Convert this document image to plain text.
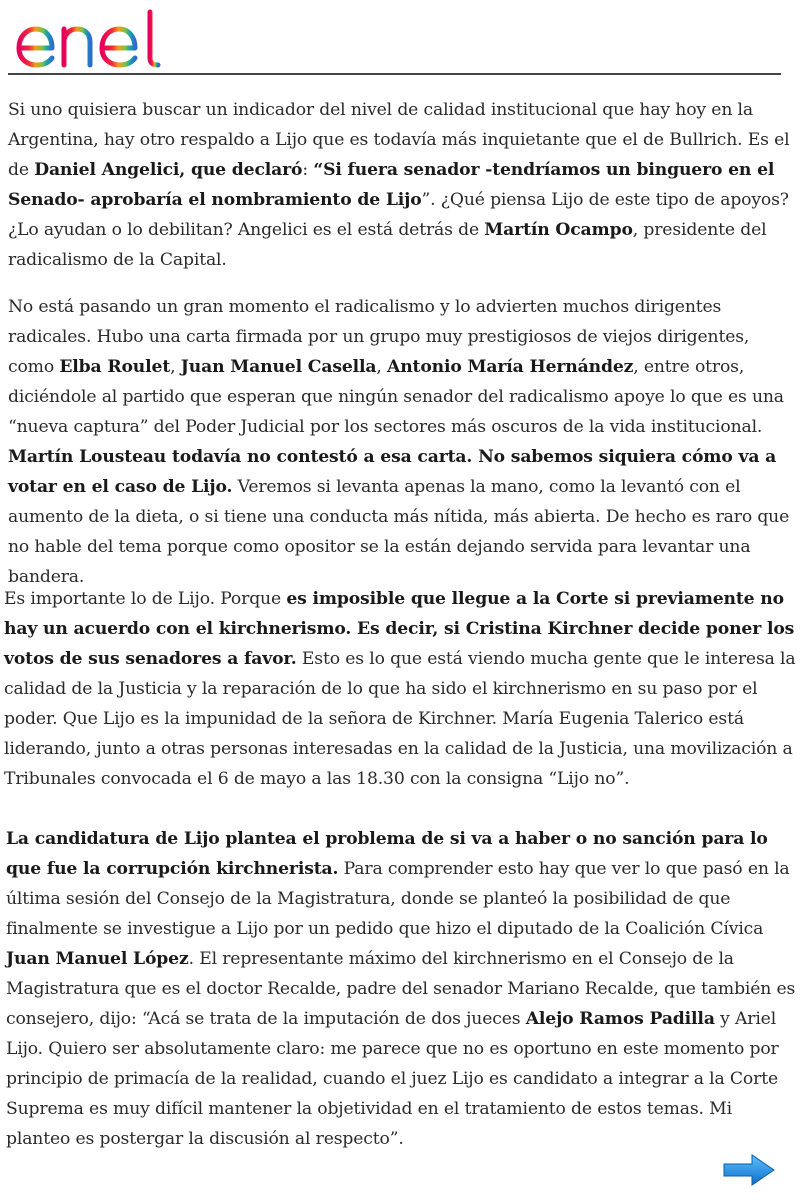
Si uno quisiera buscar un indicador del nivel de calidad institucional que hay hoy en la Argentina, hay otro respaldo a Lijo que es todavía más inquietante que el de Bullrich. Es el de Daniel Angelici, que declaró: “Si fuera senador -tendríamos un binguero en el Senado- aprobaría el nombramiento de Lijo”. ¿Qué piensa Lijo de este tipo de apoyos? ¿Lo ayudan o lo debilitan? Angelici es el está detrás de Martín Ocampo, presidente del radicalismo de la Capital.

No está pasando un gran momento el radicalismo y lo advierten muchos dirigentes radicales. Hubo una carta firmada por un grupo muy prestigiosos de viejos dirigentes, como Elba Roulet, Juan Manuel Casella, Antonio María Hernández, entre otros, diciéndole al partido que esperan que ningún senador del radicalismo apoye lo que es una “nueva captura” del Poder Judicial por los sectores más oscuros de la vida institucional. Martín Lousteau todavía no contestó a esa carta. No sabemos siquiera cómo va a votar en el caso de Lijo. Veremos si levanta apenas la mano, como la levantó con el aumento de la dieta, o si tiene una conducta más nítida, más abierta. De hecho es raro que no hable del tema porque como opositor se la están dejando servida para levantar una bandera.

Es importante lo de Lijo. Porque es imposible que llegue a la Corte si previamente no hay un acuerdo con el kirchnerismo. Es decir, si Cristina Kirchner decide poner los votos de sus senadores a favor. Esto es lo que está viendo mucha gente que le interesa la calidad de la Justicia y la reparación de lo que ha sido el kirchnerismo en su paso por el poder. Que Lijo es la impunidad de la señora de Kirchner. María Eugenia Talerico está liderando, junto a otras personas interesadas en la calidad de la Justicia, una movilización a Tribunales convocada el 6 de mayo a las 18.30 con la consigna “Lijo no”.

La candidatura de Lijo plantea el problema de si va a haber o no sanción para lo que fue la corrupción kirchnerista. Para comprender esto hay que ver lo que pasó en la última sesión del Consejo de la Magistratura, donde se planteó la posibilidad de que finalmente se investigue a Lijo por un pedido que hizo el diputado de la Coalición Cívica Juan Manuel López. El representante máximo del kirchnerismo en el Consejo de la Magistratura que es el doctor Recalde, padre del senador Mariano Recalde, que también es consejero, dijo: “Acá se trata de la imputación de dos jueces Alejo Ramos Padilla y Ariel Lijo. Quiero ser absolutamente claro: me parece que no es oportuno en este momento por principio de primacía de la realidad, cuando el juez Lijo es candidato a integrar a la Corte Suprema es muy difícil mantener la objetividad en el tratamiento de estos temas. Mi planteo es postergar la discusión al respecto”.
